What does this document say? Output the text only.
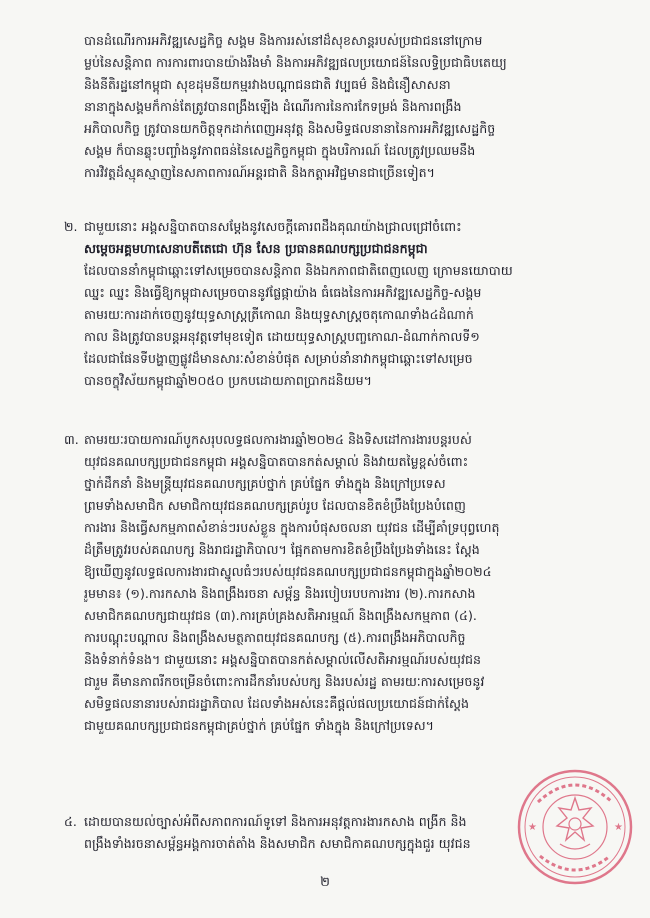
បានដំណើរការអភិវឌ្ឍសេដ្ឋកិច្ច សង្គម និងការរស់នៅដ៏សុខសាន្តរបស់ប្រជាជននៅក្រោម
ម្លប់នៃសន្តិភាព ការការពារបានយ៉ាងរឹងមាំ និងការអភិវឌ្ឍផលប្រយោជន៍នៃលទ្ធិប្រជាធិបតេយ្យ
និងនីតិរដ្ឋនៅកម្ពុជា សុខដុមនីយកម្មរវាងបណ្តាជនជាតិ វប្បធម៌ និងជំនឿសាសនា
នានាក្នុងសង្គមក៏កាន់តែត្រូវបានពង្រឹងឡើង ដំណើរការនៃការកែទម្រង់ និងការពង្រឹង
អភិបាលកិច្ច ត្រូវបានយកចិត្តទុកដាក់ពេញអនុវត្ត និងសមិទ្ធផលនានានៃការអភិវឌ្ឍសេដ្ឋកិច្ច
សង្គម ក៏បានឆ្លុះបញ្ចាំងនូវភាពធន់នៃសេដ្ឋកិច្ចកម្ពុជា ក្នុងបរិការណ៍ ដែលត្រូវប្រឈមនឹង
ការវិវត្តដ៏ស្មុគស្មាញនៃសភាពការណ៍អន្តរជាតិ និងកត្តាអវិជ្ជមានជាច្រើនទៀត។
២. ជាមួយនោះ អង្គសន្និបាតបានសម្តែងនូវសេចក្តីគោរពដឹងគុណយ៉ាងជ្រាលជ្រៅចំពោះ
សម្តេចអគ្គមហាសេនាបតីតេជោ ហ៊ុន សែន ប្រធានគណបក្សប្រជាជនកម្ពុជា
ដែលបាននាំកម្ពុជាឆ្ពោះទៅសម្រេចបានសន្តិភាព និងឯកភាពជាតិពេញលេញ ក្រោមនយោបាយ
ឈ្នះ ឈ្នះ និងធ្វើឱ្យកម្ពុជាសម្រេចបាននូវផ្លែផ្កាយ៉ាង ធំធេងនៃការអភិវឌ្ឍសេដ្ឋកិច្ច-សង្គម
តាមរយៈការដាក់ចេញនូវយុទ្ធសាស្ត្រត្រីកោណ និងយុទ្ធសាស្ត្រចតុកោណទាំង៤ដំណាក់
កាល និងត្រូវបានបន្តអនុវត្តទៅមុខទៀត ដោយយុទ្ធសាស្ត្របញ្ចកោណ-ដំណាក់កាលទី១
ដែលជាផែនទីបង្ហាញផ្លូវដ៏មានសារៈសំខាន់បំផុត សម្រាប់នាំនាវាកម្ពុជាឆ្ពោះទៅសម្រេច
បានចក្ខុវិស័យកម្ពុជាឆ្នាំ២០៥០ ប្រកបដោយភាពប្រាកដនិយម។
៣. តាមរយៈរបាយការណ៍បូកសរុបលទ្ធផលការងារឆ្នាំ២០២៤ និងទិសដៅការងារបន្តរបស់
យុវជនគណបក្សប្រជាជនកម្ពុជា អង្គសន្និបាតបានកត់សម្គាល់ និងវាយតម្លៃខ្ពស់ចំពោះ
ថ្នាក់ដឹកនាំ និងមន្ត្រីយុវជនគណបក្សគ្រប់ថ្នាក់ គ្រប់ផ្នែក ទាំងក្នុង និងក្រៅប្រទេស
ព្រមទាំងសមាជិក សមាជិកាយុវជនគណបក្សគ្រប់រូប ដែលបានខិតខំប្រឹងប្រែងបំពេញ
ការងារ និងធ្វើសកម្មភាពសំខាន់ៗរបស់ខ្លួន ក្នុងការបំផុសចលនា យុវជន ដើម្បីគាំទ្របុព្វហេតុ
ដ៏ត្រឹមត្រូវរបស់គណបក្ស និងរាជរដ្ឋាភិបាល។ ផ្អែកតាមការខិតខំប្រឹងប្រែងទាំងនេះ ស្តែង
ឱ្យឃើញនូវលទ្ធផលការងារជាស្នូលធំៗរបស់យុវជនគណបក្សប្រជាជនកម្ពុជាក្នុងឆ្នាំ២០២៤
រួមមាន៖ (១).ការកសាង និងពង្រឹងរចនា សម្ព័ន្ធ និងរបៀបរបបការងារ (២).ការកសាង
សមាជិកគណបក្សជាយុវជន (៣).ការគ្រប់គ្រងសតិអារម្មណ៍ និងពង្រឹងសកម្មភាព (៤).
ការបណ្តុះបណ្តាល និងពង្រឹងសមត្ថភាពយុវជនគណបក្ស (៥).ការពង្រឹងអភិបាលកិច្ច
និងទំនាក់ទំនង។ ជាមួយនោះ អង្គសន្និបាតបានកត់សម្គាល់លើសតិអារម្មណ៍របស់យុវជន
ជារួម គឺមានភាពរីកចម្រើនចំពោះការដឹកនាំរបស់បក្ស និងរបស់រដ្ឋ តាមរយៈការសម្រេចនូវ
សមិទ្ធផលនានារបស់រាជរដ្ឋាភិបាល ដែលទាំងអស់នេះគឺផ្តល់ផលប្រយោជន៍ជាក់ស្តែង
ជាមួយគណបក្សប្រជាជនកម្ពុជាគ្រប់ថ្នាក់ គ្រប់ផ្នែក ទាំងក្នុង និងក្រៅប្រទេស។
៤. ដោយបានយល់ច្បាស់អំពីសភាពការណ៍ទូទៅ និងការអនុវត្តការងារកសាង ពង្រីក និង
ពង្រឹងទាំងរចនាសម្ព័ន្ធអង្គការចាត់តាំង និងសមាជិក សមាជិកាគណបក្សក្នុងជួរ យុវជន
★	★
២
